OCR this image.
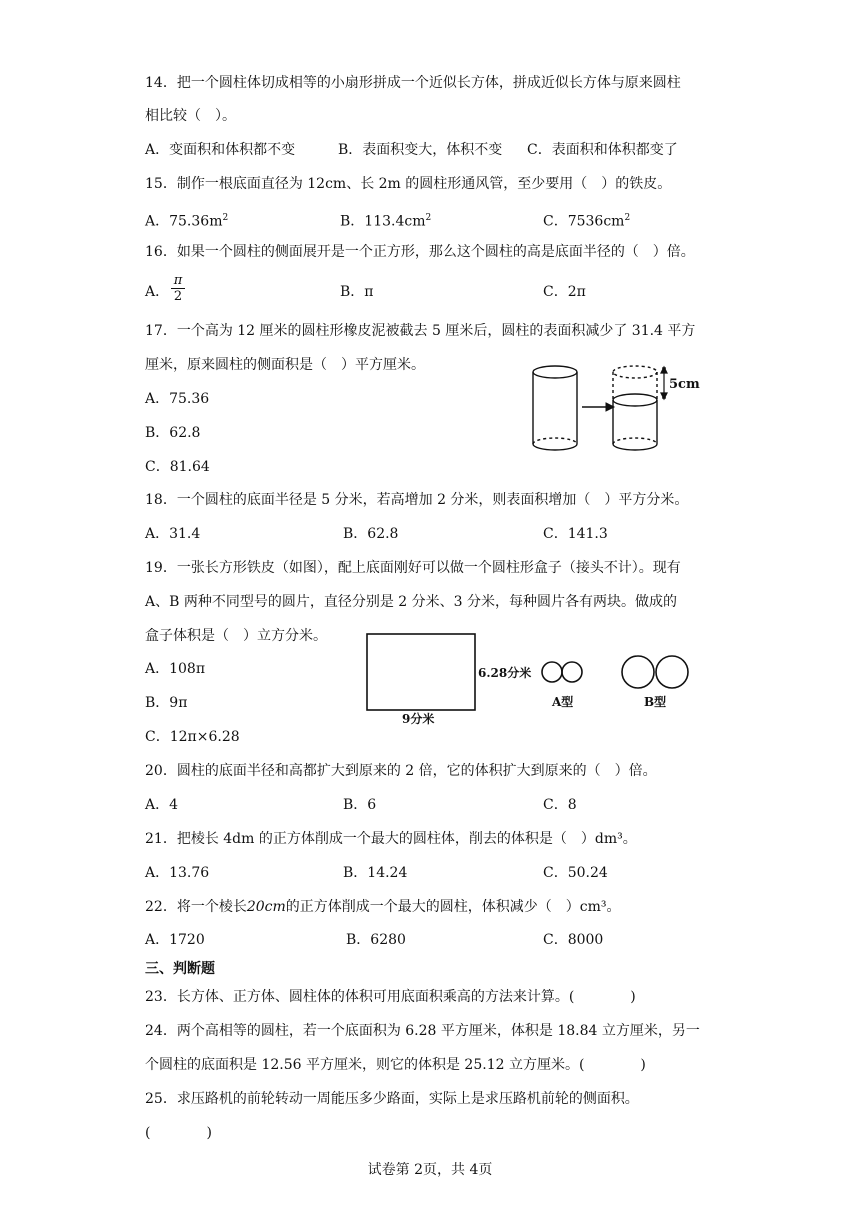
14．把一个圆柱体切成相等的小扇形拼成一个近似长方体，拼成近似长方体与原来圆柱
相比较（　）。
A．变面积和体积都不变	B．表面积变大，体积不变 C．表面积和体积都变了
15．制作一根底面直径为 12cm、长 2m 的圆柱形通风管，至少要用（　）的铁皮。
A．$75.36m^2$	B．$113.4cm^2$	C．$7536cm^2$
16．如果一个圆柱的侧面展开是一个正方形，那么这个圆柱的高是底面半径的（　）倍。
A． $\frac{\pi}{2}$	B．π	C．2π
17．一个高为 12 厘米的圆柱形橡皮泥被截去 5 厘米后，圆柱的表面积减少了 31.4 平方
厘米，原来圆柱的侧面积是（　）平方厘米。
A．75.36
B．62.8
C．81.64
5cm
18．一个圆柱的底面半径是 5 分米，若高增加 2 分米，则表面积增加（　）平方分米。
A．31.4	B．62.8	C．141.3
19．一张长方形铁皮（如图），配上底面刚好可以做一个圆柱形盒子（接头不计）。现有
A、B 两种不同型号的圆片，直径分别是 2 分米、3 分米，每种圆片各有两块。做成的
盒子体积是（　）立方分米。
A．108π
B．9π
C．12π×6.28
6.28分米
9分米
A型	B型
20．圆柱的底面半径和高都扩大到原来的 2 倍，它的体积扩大到原来的（　）倍。
A．4	B．6	C．8
21．把棱长 4dm 的正方体削成一个最大的圆柱体，削去的体积是（　）dm³。
A．13.76	B．14.24	C．50.24
22．将一个棱长20cm的正方体削成一个最大的圆柱，体积减少（　）cm³。
A．1720	B．6280	C．8000
三、判断题
23．长方体、正方体、圆柱体的体积可用底面积乘高的方法来计算。(　　　　)
24．两个高相等的圆柱，若一个底面积为 6.28 平方厘米，体积是 18.84 立方厘米，另一
个圆柱的底面积是 12.56 平方厘米，则它的体积是 25.12 立方厘米。(　　　　)
25．求压路机的前轮转动一周能压多少路面，实际上是求压路机前轮的侧面积。
(　　　　)
试卷第 2页，共 4页
